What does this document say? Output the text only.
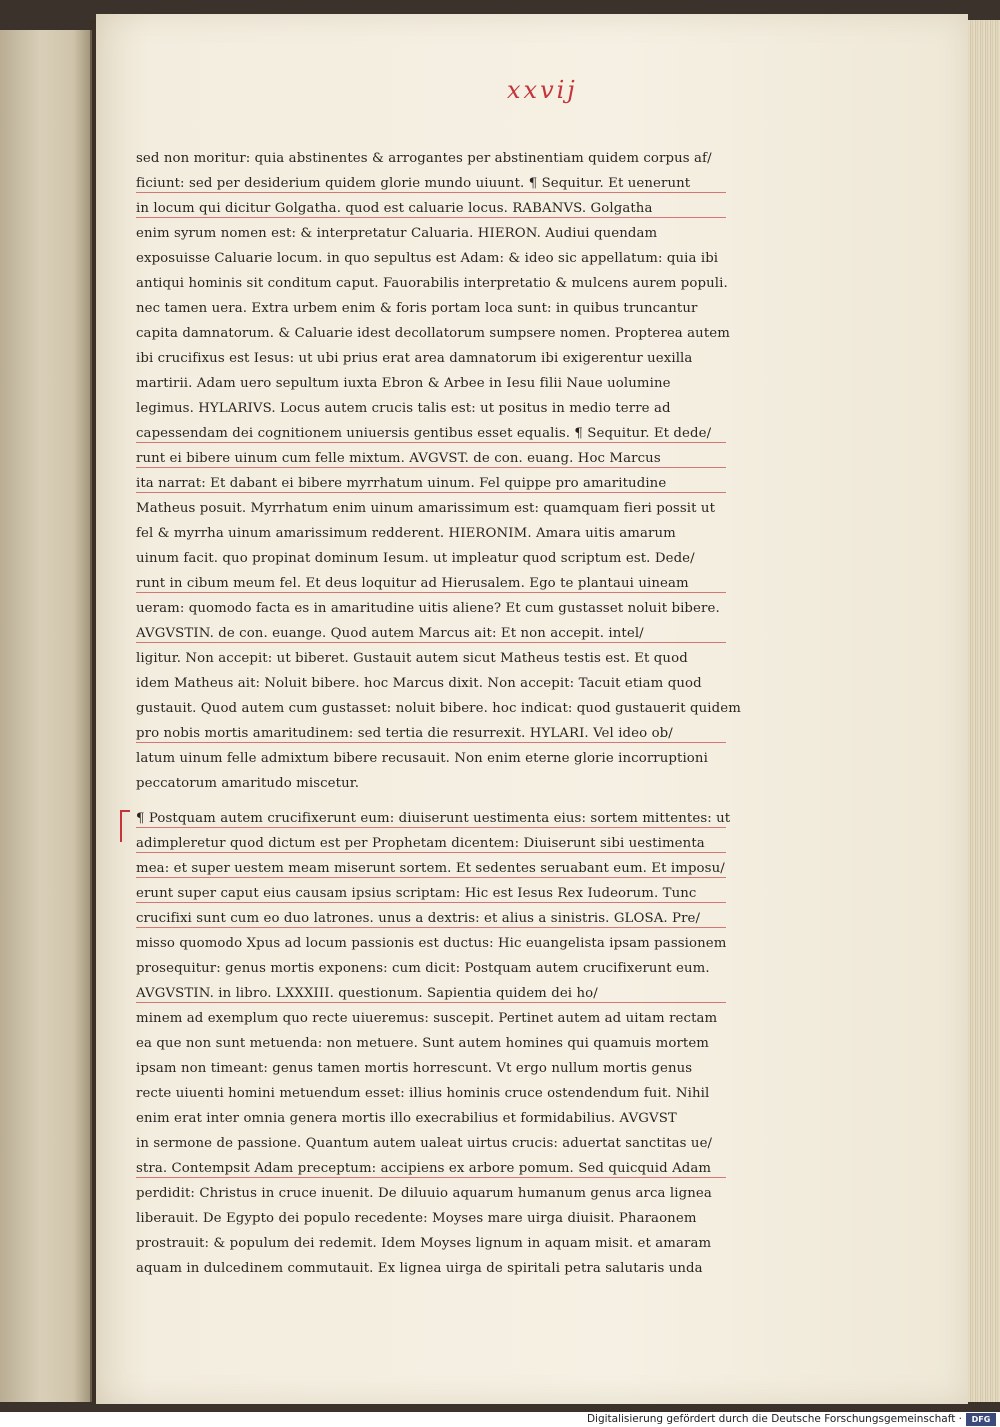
xxvij
sed non moritur: quia abstinentes & arrogantes per abstinentiam quidem corpus af/
ficiunt: sed per desiderium quidem glorie mundo uiuunt. ¶ Sequitur. Et uenerunt
in locum qui dicitur Golgatha. quod est caluarie locus. RABANVS. Golgatha
enim syrum nomen est: & interpretatur Caluaria. HIERON. Audiui quendam
exposuisse Caluarie locum. in quo sepultus est Adam: & ideo sic appellatum: quia ibi
antiqui hominis sit conditum caput. Fauorabilis interpretatio & mulcens aurem populi.
nec tamen uera. Extra urbem enim & foris portam loca sunt: in quibus truncantur
capita damnatorum. & Caluarie idest decollatorum sumpsere nomen. Propterea autem
ibi crucifixus est Iesus: ut ubi prius erat area damnatorum ibi exigerentur uexilla
martirii. Adam uero sepultum iuxta Ebron & Arbee in Iesu filii Naue uolumine
legimus. HYLARIVS. Locus autem crucis talis est: ut positus in medio terre ad
capessendam dei cognitionem uniuersis gentibus esset equalis. ¶ Sequitur. Et dede/
runt ei bibere uinum cum felle mixtum. AVGVST. de con. euang. Hoc Marcus
ita narrat: Et dabant ei bibere myrrhatum uinum. Fel quippe pro amaritudine
Matheus posuit. Myrrhatum enim uinum amarissimum est: quamquam fieri possit ut
fel & myrrha uinum amarissimum redderent. HIERONIM. Amara uitis amarum
uinum facit. quo propinat dominum Iesum. ut impleatur quod scriptum est. Dede/
runt in cibum meum fel. Et deus loquitur ad Hierusalem. Ego te plantaui uineam
ueram: quomodo facta es in amaritudine uitis aliene? Et cum gustasset noluit bibere.
AVGVSTIN. de con. euange. Quod autem Marcus ait: Et non accepit. intel/
ligitur. Non accepit: ut biberet. Gustauit autem sicut Matheus testis est. Et quod
idem Matheus ait: Noluit bibere. hoc Marcus dixit. Non accepit: Tacuit etiam quod
gustauit. Quod autem cum gustasset: noluit bibere. hoc indicat: quod gustauerit quidem
pro nobis mortis amaritudinem: sed tertia die resurrexit. HYLARI. Vel ideo ob/
latum uinum felle admixtum bibere recusauit. Non enim eterne glorie incorruptioni
peccatorum amaritudo miscetur.
¶ Postquam autem crucifixerunt eum: diuiserunt uestimenta eius: sortem mittentes: ut
adimpleretur quod dictum est per Prophetam dicentem: Diuiserunt sibi uestimenta
mea: et super uestem meam miserunt sortem. Et sedentes seruabant eum. Et imposu/
erunt super caput eius causam ipsius scriptam: Hic est Iesus Rex Iudeorum. Tunc
crucifixi sunt cum eo duo latrones. unus a dextris: et alius a sinistris. GLOSA. Pre/
misso quomodo Xpus ad locum passionis est ductus: Hic euangelista ipsam passionem
prosequitur: genus mortis exponens: cum dicit: Postquam autem crucifixerunt eum.
AVGVSTIN. in libro. LXXXIII. questionum. Sapientia quidem dei ho/
minem ad exemplum quo recte uiueremus: suscepit. Pertinet autem ad uitam rectam
ea que non sunt metuenda: non metuere. Sunt autem homines qui quamuis mortem
ipsam non timeant: genus tamen mortis horrescunt. Vt ergo nullum mortis genus
recte uiuenti homini metuendum esset: illius hominis cruce ostendendum fuit. Nihil
enim erat inter omnia genera mortis illo execrabilius et formidabilius. AVGVST
in sermone de passione. Quantum autem ualeat uirtus crucis: aduertat sanctitas ue/
stra. Contempsit Adam preceptum: accipiens ex arbore pomum. Sed quicquid Adam
perdidit: Christus in cruce inuenit. De diluuio aquarum humanum genus arca lignea
liberauit. De Egypto dei populo recedente: Moyses mare uirga diuisit. Pharaonem
prostrauit: & populum dei redemit. Idem Moyses lignum in aquam misit. et amaram
aquam in dulcedinem commutauit. Ex lignea uirga de spiritali petra salutaris unda
Digitalisierung gefördert durch die Deutsche Forschungsgemeinschaft ·	DFG
